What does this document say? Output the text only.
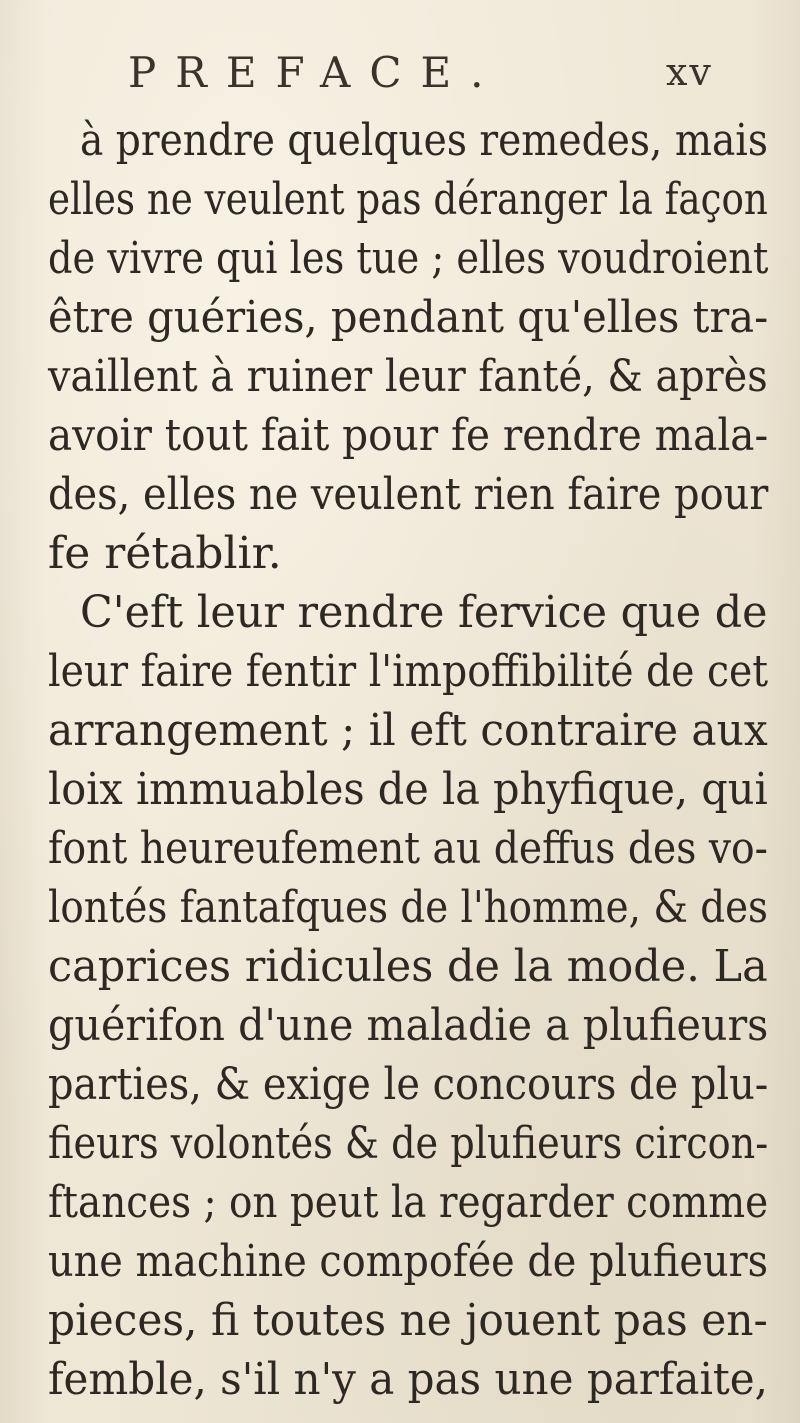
PREFACE.	xv
à prendre quelques remedes, mais
elles ne veulent pas déranger la façon
de vivre qui les tue ; elles voudroient
être guéries, pendant qu'elles tra-
vaillent à ruiner leur fanté, & après
avoir tout fait pour fe rendre mala-
des, elles ne veulent rien faire pour
fe rétablir.
C'eft leur rendre fervice que de
leur faire fentir l'impoffibilité de cet
arrangement ; il eft contraire aux
loix immuables de la phyfique, qui
font heureufement au deffus des vo-
lontés fantafques de l'homme, & des
caprices ridicules de la mode. La
guérifon d'une maladie a plufieurs
parties, & exige le concours de plu-
fieurs volontés & de plufieurs circon-
ftances ; on peut la regarder comme
une machine compofée de plufieurs
pieces, fi toutes ne jouent pas en-
femble, s'il n'y a pas une parfaite,
